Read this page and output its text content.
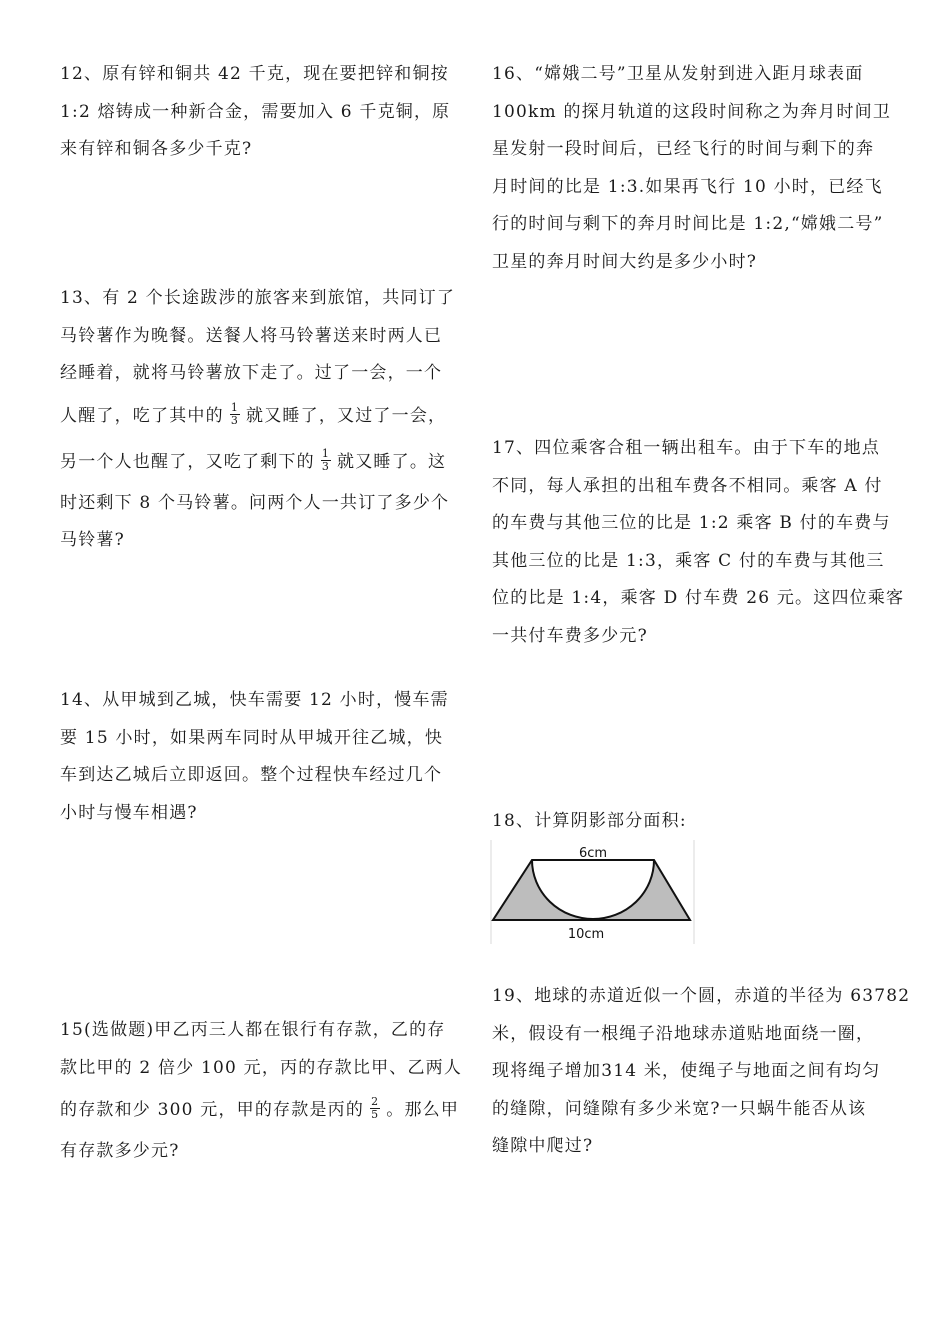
12、原有锌和铜共 42 千克，现在要把锌和铜按

1:2 熔铸成一种新合金，需要加入 6 千克铜，原

来有锌和铜各多少千克?

13、有 2 个长途跋涉的旅客来到旅馆，共同订了

马铃薯作为晚餐。送餐人将马铃薯送来时两人已

经睡着，就将马铃薯放下走了。过了一会，一个

人醒了，吃了其中的 $\frac{1}{3}$ 就又睡了，又过了一会，

另一个人也醒了，又吃了剩下的 $\frac{1}{3}$ 就又睡了。这

时还剩下 8 个马铃薯。问两个人一共订了多少个

马铃薯?

14、从甲城到乙城，快车需要 12 小时，慢车需

要 15 小时，如果两车同时从甲城开往乙城，快

车到达乙城后立即返回。整个过程快车经过几个

小时与慢车相遇?

15(选做题)甲乙丙三人都在银行有存款，乙的存

款比甲的 2 倍少 100 元，丙的存款比甲、乙两人

的存款和少 300 元，甲的存款是丙的 $\frac{2}{5}$ 。那么甲

有存款多少元?

16、“嫦娥二号”卫星从发射到进入距月球表面

100km 的探月轨道的这段时间称之为奔月时间卫

星发射一段时间后，已经飞行的时间与剩下的奔

月时间的比是 1:3.如果再飞行 10 小时，已经飞

行的时间与剩下的奔月时间比是 1:2,“嫦娥二号”

卫星的奔月时间大约是多少小时?

17、四位乘客合租一辆出租车。由于下车的地点

不同，每人承担的出租车费各不相同。乘客 A 付

的车费与其他三位的比是 1:2 乘客 B 付的车费与

其他三位的比是 1:3，乘客 C 付的车费与其他三

位的比是 1:4，乘客 D 付车费 26 元。这四位乘客

一共付车费多少元?

18、计算阴影部分面积:

6cm
10cm

19、地球的赤道近似一个圆，赤道的半径为 63782

米，假设有一根绳子沿地球赤道贴地面绕一圈，

现将绳子增加314 米，使绳子与地面之间有均匀

的缝隙，问缝隙有多少米宽?一只蜗牛能否从该

缝隙中爬过?
